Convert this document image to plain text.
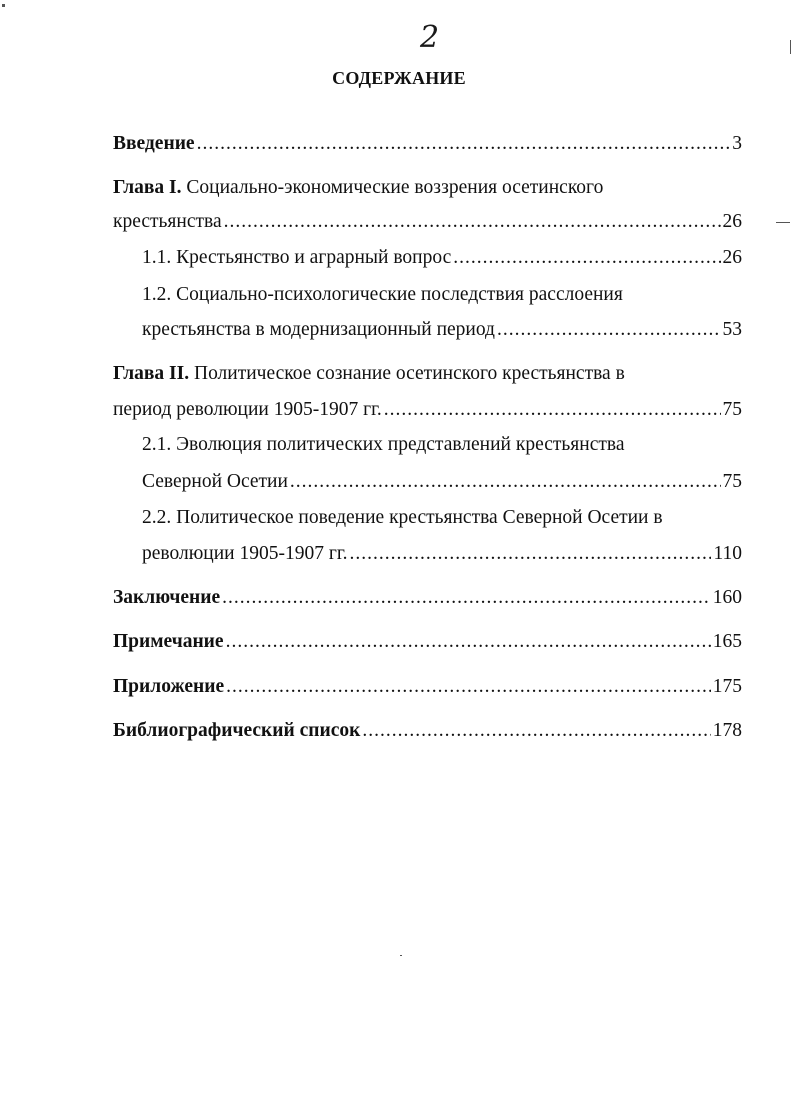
2
СОДЕРЖАНИЕ
Введение .....	3
Глава I. Социально-экономические воззрения осетинского
крестьянства .....	26
1.1. Крестьянство и аграрный вопрос .....	26
1.2. Социально-психологические последствия расслоения
крестьянства в модернизационный период .....	53
Глава II. Политическое сознание осетинского крестьянства в
период революции 1905-1907 гг. .....	75
2.1. Эволюция политических представлений крестьянства
Северной Осетии .....	75
2.2. Политическое поведение крестьянства Северной Осетии в
революции 1905-1907 гг. .....	110
Заключение .....	160
Примечание .....	165
Приложение .....	175
Библиографический список .....	178
